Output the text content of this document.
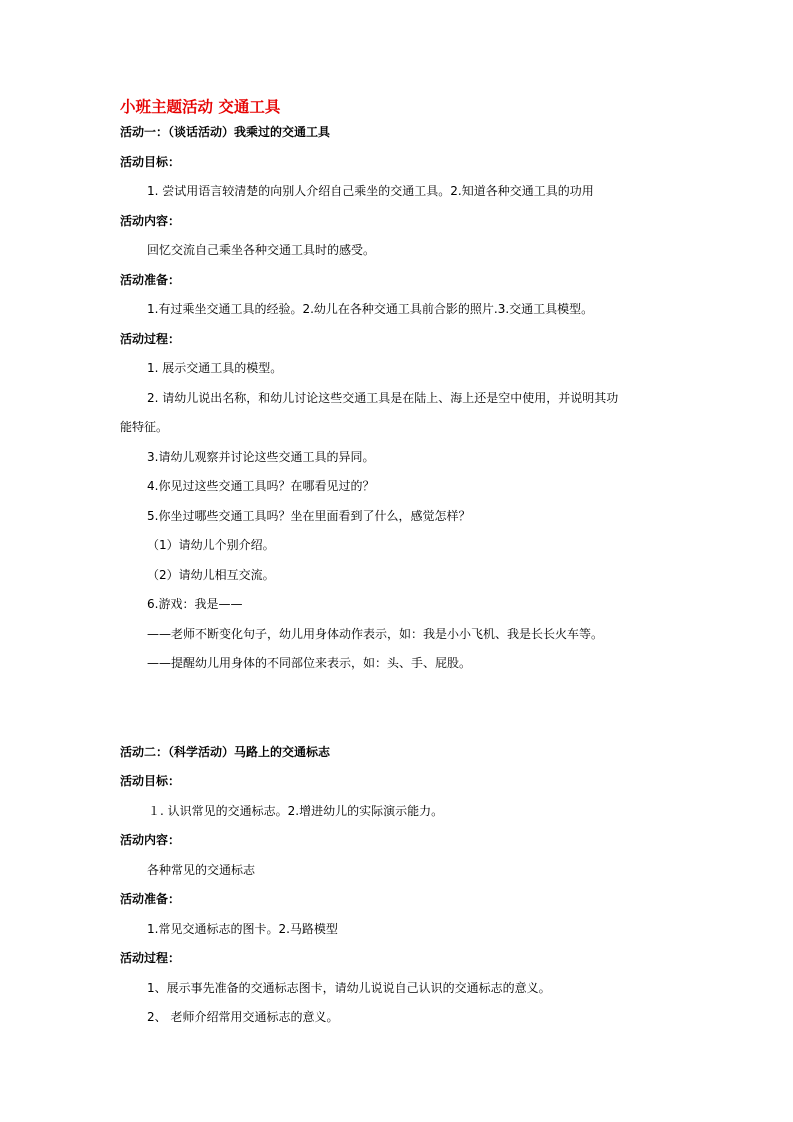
小班主题活动 交通工具

活动一：（谈话活动）我乘过的交通工具

活动目标：

1. 尝试用语言较清楚的向别人介绍自己乘坐的交通工具。2.知道各种交通工具的功用

活动内容：

回忆交流自己乘坐各种交通工具时的感受。

活动准备：

1.有过乘坐交通工具的经验。2.幼儿在各种交通工具前合影的照片.3.交通工具模型。

活动过程：

1. 展示交通工具的模型。

2. 请幼儿说出名称，和幼儿讨论这些交通工具是在陆上、海上还是空中使用，并说明其功

能特征。

3.请幼儿观察并讨论这些交通工具的异同。

4.你见过这些交通工具吗？在哪看见过的？

5.你坐过哪些交通工具吗？坐在里面看到了什么，感觉怎样？

（1）请幼儿个别介绍。

（2）请幼儿相互交流。

6.游戏：我是——

——老师不断变化句子，幼儿用身体动作表示，如：我是小小飞机、我是长长火车等。

——提醒幼儿用身体的不同部位来表示，如：头、手、屁股。

活动二：（科学活动）马路上的交通标志

活动目标：

１. 认识常见的交通标志。2.增进幼儿的实际演示能力。

活动内容：

各种常见的交通标志

活动准备：

1.常见交通标志的图卡。2.马路模型

活动过程：

1、展示事先准备的交通标志图卡，请幼儿说说自己认识的交通标志的意义。

2、 老师介绍常用交通标志的意义。
